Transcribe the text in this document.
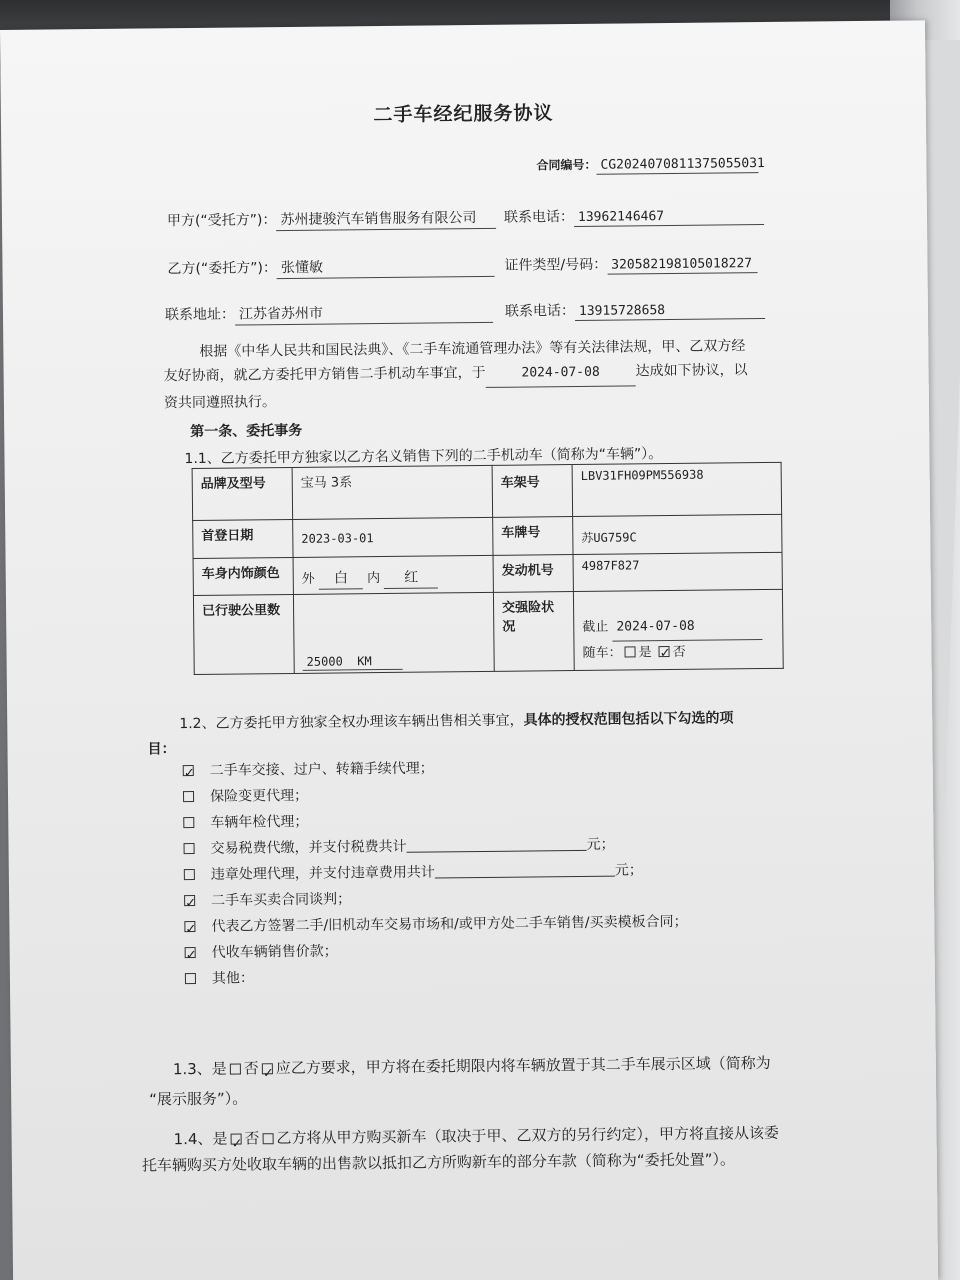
二手车经纪服务协议
合同编号： CG2024070811375055031
甲方(“受托方”)： 苏州捷骏汽车销售服务有限公司	联系电话： 13962146467
乙方(“委托方”)： 张懂敏	证件类型/号码： 320582198105018227
联系地址： 江苏省苏州市	联系电话： 13915728658
根据《中华人民共和国民法典》、《二手车流通管理办法》等有关法律法规，甲、乙双方经
友好协商，就乙方委托甲方销售二手机动车事宜，于	2024-07-08	达成如下协议，以
资共同遵照执行。
第一条、委托事务
1.1、乙方委托甲方独家以乙方名义销售下列的二手机动车（简称为“车辆”）。
品牌及型号	宝马 3系	车架号	LBV31FH09PM556938
首登日期	2023-03-01	车牌号	苏UG759C
车身内饰颜色	外 白 内 红	发动机号	4987F827
已行驶公里数	25000 KM	交强险状况	截止 2024-07-08
随车： 是 ✓ 否
1.2、乙方委托甲方独家全权办理该车辆出售相关事宜，具体的授权范围包括以下勾选的项
目：
✓二手车交接、过户、转籍手续代理；
保险变更代理；
车辆年检代理；
交易税费代缴，并支付税费共计	元；
违章处理代理，并支付违章费用共计	元；
✓二手车买卖合同谈判；
✓代表乙方签署二手/旧机动车交易市场和/或甲方处二手车销售/买卖模板合同；
✓代收车辆销售价款；
其他：
1.3、是 否 ✓ 应乙方要求，甲方将在委托期限内将车辆放置于其二手车展示区域（简称为
“展示服务”）。
1.4、是 ✓ 否 乙方将从甲方购买新车（取决于甲、乙双方的另行约定），甲方将直接从该委
托车辆购买方处收取车辆的出售款以抵扣乙方所购新车的部分车款（简称为“委托处置”）。
